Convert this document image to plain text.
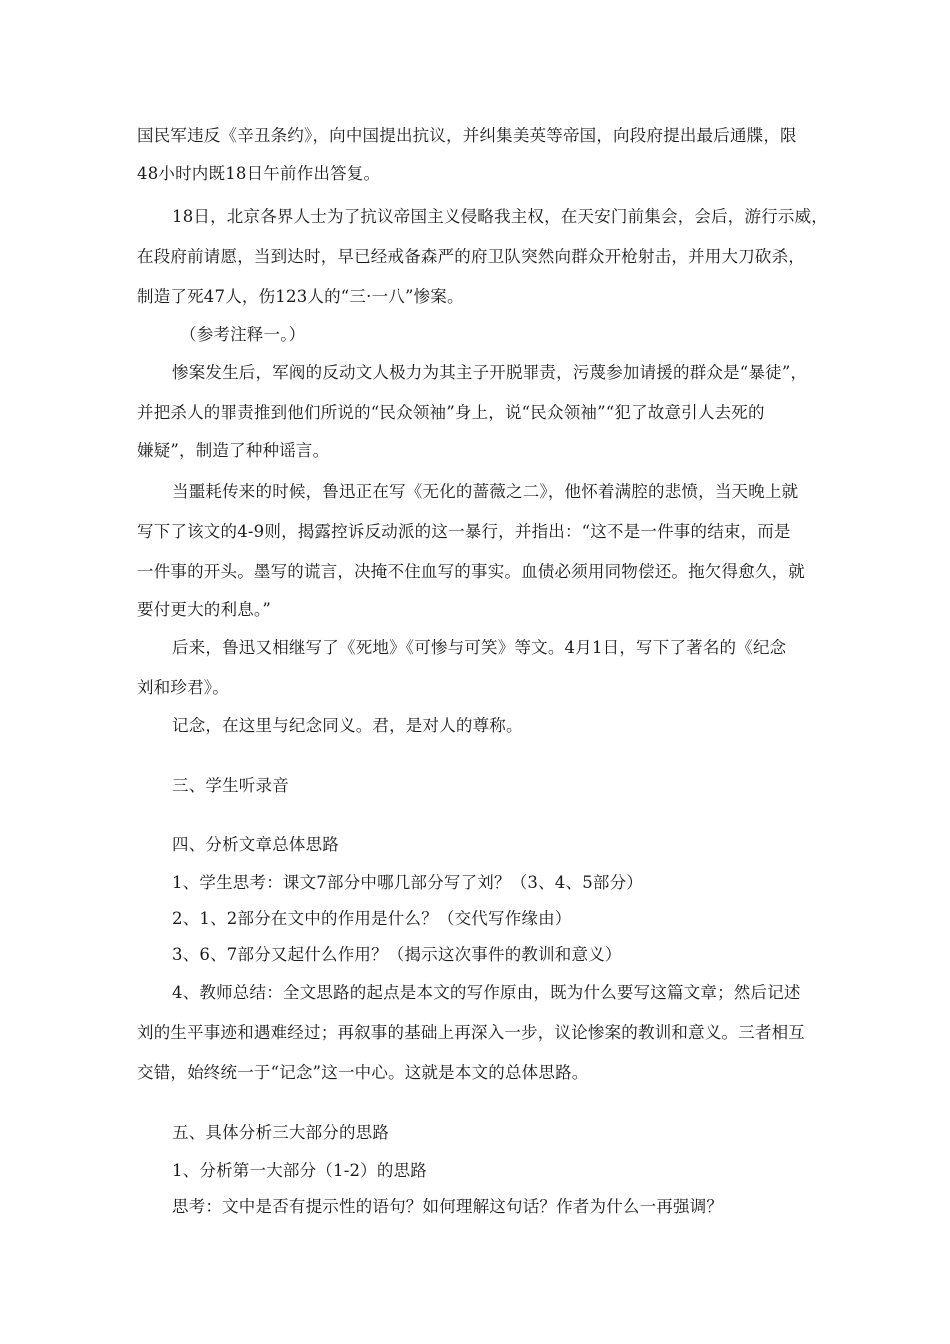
国民军违反《辛丑条约》，向中国提出抗议，并纠集美英等帝国，向段府提出最后通牒，限
48小时内既18日午前作出答复。
18日，北京各界人士为了抗议帝国主义侵略我主权，在天安门前集会，会后，游行示威，
在段府前请愿，当到达时，早已经戒备森严的府卫队突然向群众开枪射击，并用大刀砍杀，
制造了死47人，伤123人的“三·一八”惨案。
（参考注释一。）
惨案发生后，军阀的反动文人极力为其主子开脱罪责，污蔑参加请援的群众是“暴徒”，
并把杀人的罪责推到他们所说的“民众领袖”身上，说“民众领袖”“犯了故意引人去死的
嫌疑”，制造了种种谣言。
当噩耗传来的时候，鲁迅正在写《无化的蔷薇之二》，他怀着满腔的悲愤，当天晚上就
写下了该文的4-9则，揭露控诉反动派的这一暴行，并指出：“这不是一件事的结束，而是
一件事的开头。墨写的谎言，决掩不住血写的事实。血债必须用同物偿还。拖欠得愈久，就
要付更大的利息。”
后来，鲁迅又相继写了《死地》《可惨与可笑》等文。4月1日，写下了著名的《纪念
刘和珍君》。
记念，在这里与纪念同义。君，是对人的尊称。
三、学生听录音
四、分析文章总体思路
1、学生思考：课文7部分中哪几部分写了刘？（3、4、5部分）
2、1、2部分在文中的作用是什么？（交代写作缘由）
3、6、7部分又起什么作用？（揭示这次事件的教训和意义）
4、教师总结：全文思路的起点是本文的写作原由，既为什么要写这篇文章；然后记述
刘的生平事迹和遇难经过；再叙事的基础上再深入一步，议论惨案的教训和意义。三者相互
交错，始终统一于“记念”这一中心。这就是本文的总体思路。
五、具体分析三大部分的思路
1、分析第一大部分（1-2）的思路
思考：文中是否有提示性的语句？如何理解这句话？作者为什么一再强调？
